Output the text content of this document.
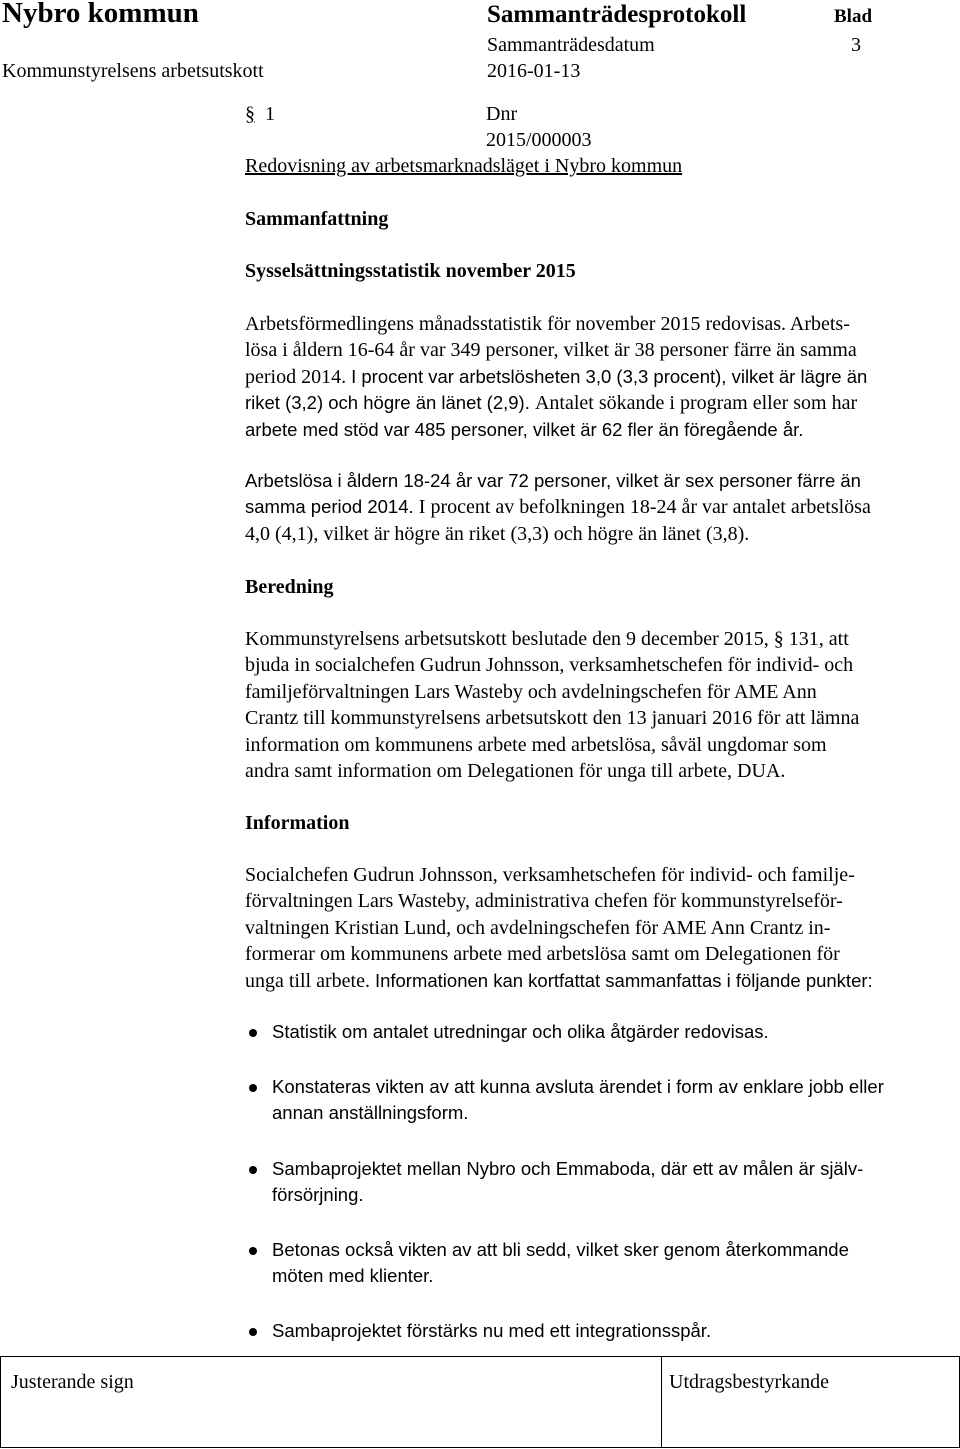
Nybro kommun	Sammanträdesprotokoll	Blad
Sammanträdesdatum	3
Kommunstyrelsens arbetsutskott	2016-01-13
§ 1	Dnr 2015/000003
Redovisning av arbetsmarknadsläget i Nybro kommun
Sammanfattning
Sysselsättningsstatistik november 2015
Arbetsförmedlingens månadsstatistik för november 2015 redovisas. Arbets-
lösa i åldern 16-64 år var 349 personer, vilket är 38 personer färre än samma
period 2014. I procent var arbetslösheten 3,0 (3,3 procent), vilket är lägre än
riket (3,2) och högre än länet (2,9). Antalet sökande i program eller som har
arbete med stöd var 485 personer, vilket är 62 fler än föregående år.
Arbetslösa i åldern 18-24 år var 72 personer, vilket är sex personer färre än
samma period 2014. I procent av befolkningen 18-24 år var antalet arbetslösa
4,0 (4,1), vilket är högre än riket (3,3) och högre än länet (3,8).
Beredning
Kommunstyrelsens arbetsutskott beslutade den 9 december 2015, § 131, att
bjuda in socialchefen Gudrun Johnsson, verksamhetschefen för individ- och
familjeförvaltningen Lars Wasteby och avdelningschefen för AME Ann
Crantz till kommunstyrelsens arbetsutskott den 13 januari 2016 för att lämna
information om kommunens arbete med arbetslösa, såväl ungdomar som
andra samt information om Delegationen för unga till arbete, DUA.
Information
Socialchefen Gudrun Johnsson, verksamhetschefen för individ- och familje-
förvaltningen Lars Wasteby, administrativa chefen för kommunstyrelseför-
valtningen Kristian Lund, och avdelningschefen för AME Ann Crantz in-
formerar om kommunens arbete med arbetslösa samt om Delegationen för
unga till arbete. Informationen kan kortfattat sammanfattas i följande punkter:
Statistik om antalet utredningar och olika åtgärder redovisas.
Konstateras vikten av att kunna avsluta ärendet i form av enklare jobb eller
annan anställningsform.
Sambaprojektet mellan Nybro och Emmaboda, där ett av målen är själv-
försörjning.
Betonas också vikten av att bli sedd, vilket sker genom återkommande
möten med klienter.
Sambaprojektet förstärks nu med ett integrationsspår.
Justerande sign	Utdragsbestyrkande
